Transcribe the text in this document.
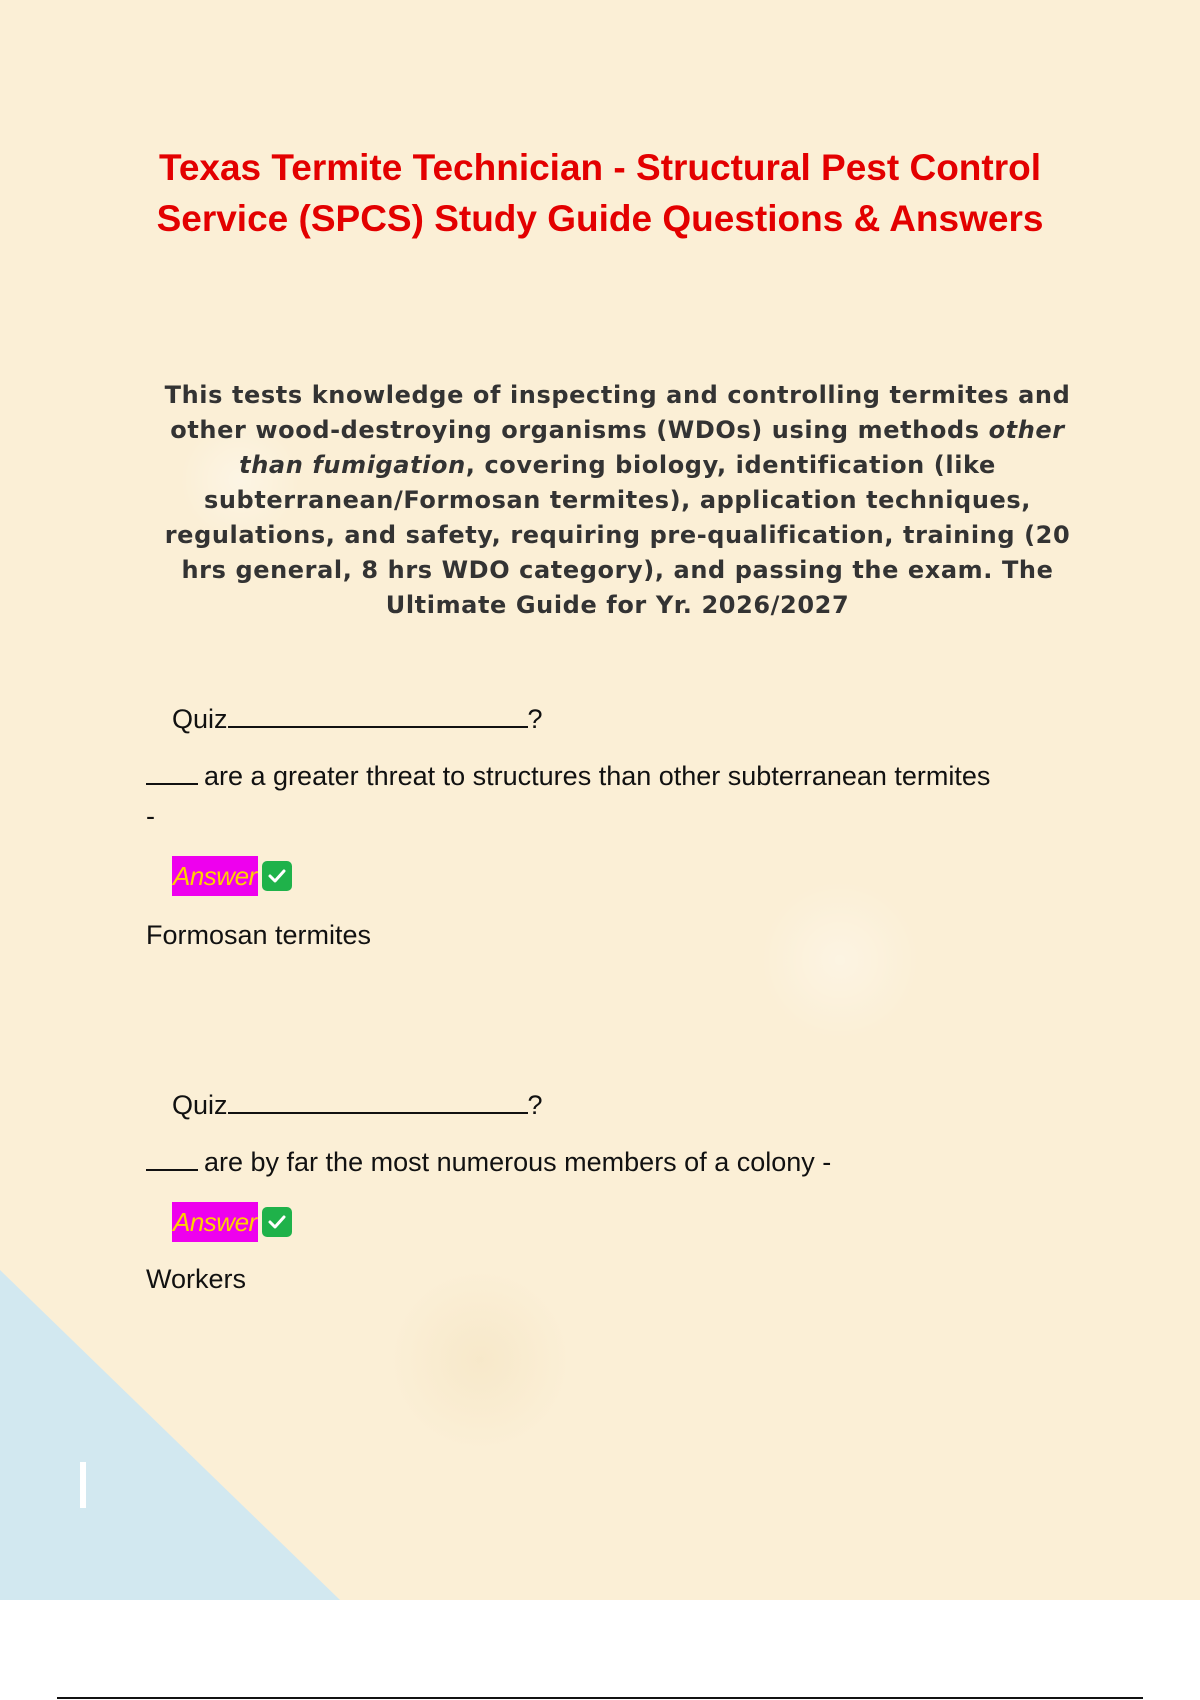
Texas Termite Technician - Structural Pest Control Service (SPCS) Study Guide Questions & Answers
This tests knowledge of inspecting and controlling termites and other wood-destroying organisms (WDOs) using methods other than fumigation, covering biology, identification (like subterranean/Formosan termites), application techniques, regulations, and safety, requiring pre-qualification, training (20 hrs general, 8 hrs WDO category), and passing the exam. The Ultimate Guide for Yr. 2026/2027
Quiz	?
are a greater threat to structures than other subterranean termites -
Answer
Formosan termites
Quiz	?
are by far the most numerous members of a colony -
Answer
Workers
